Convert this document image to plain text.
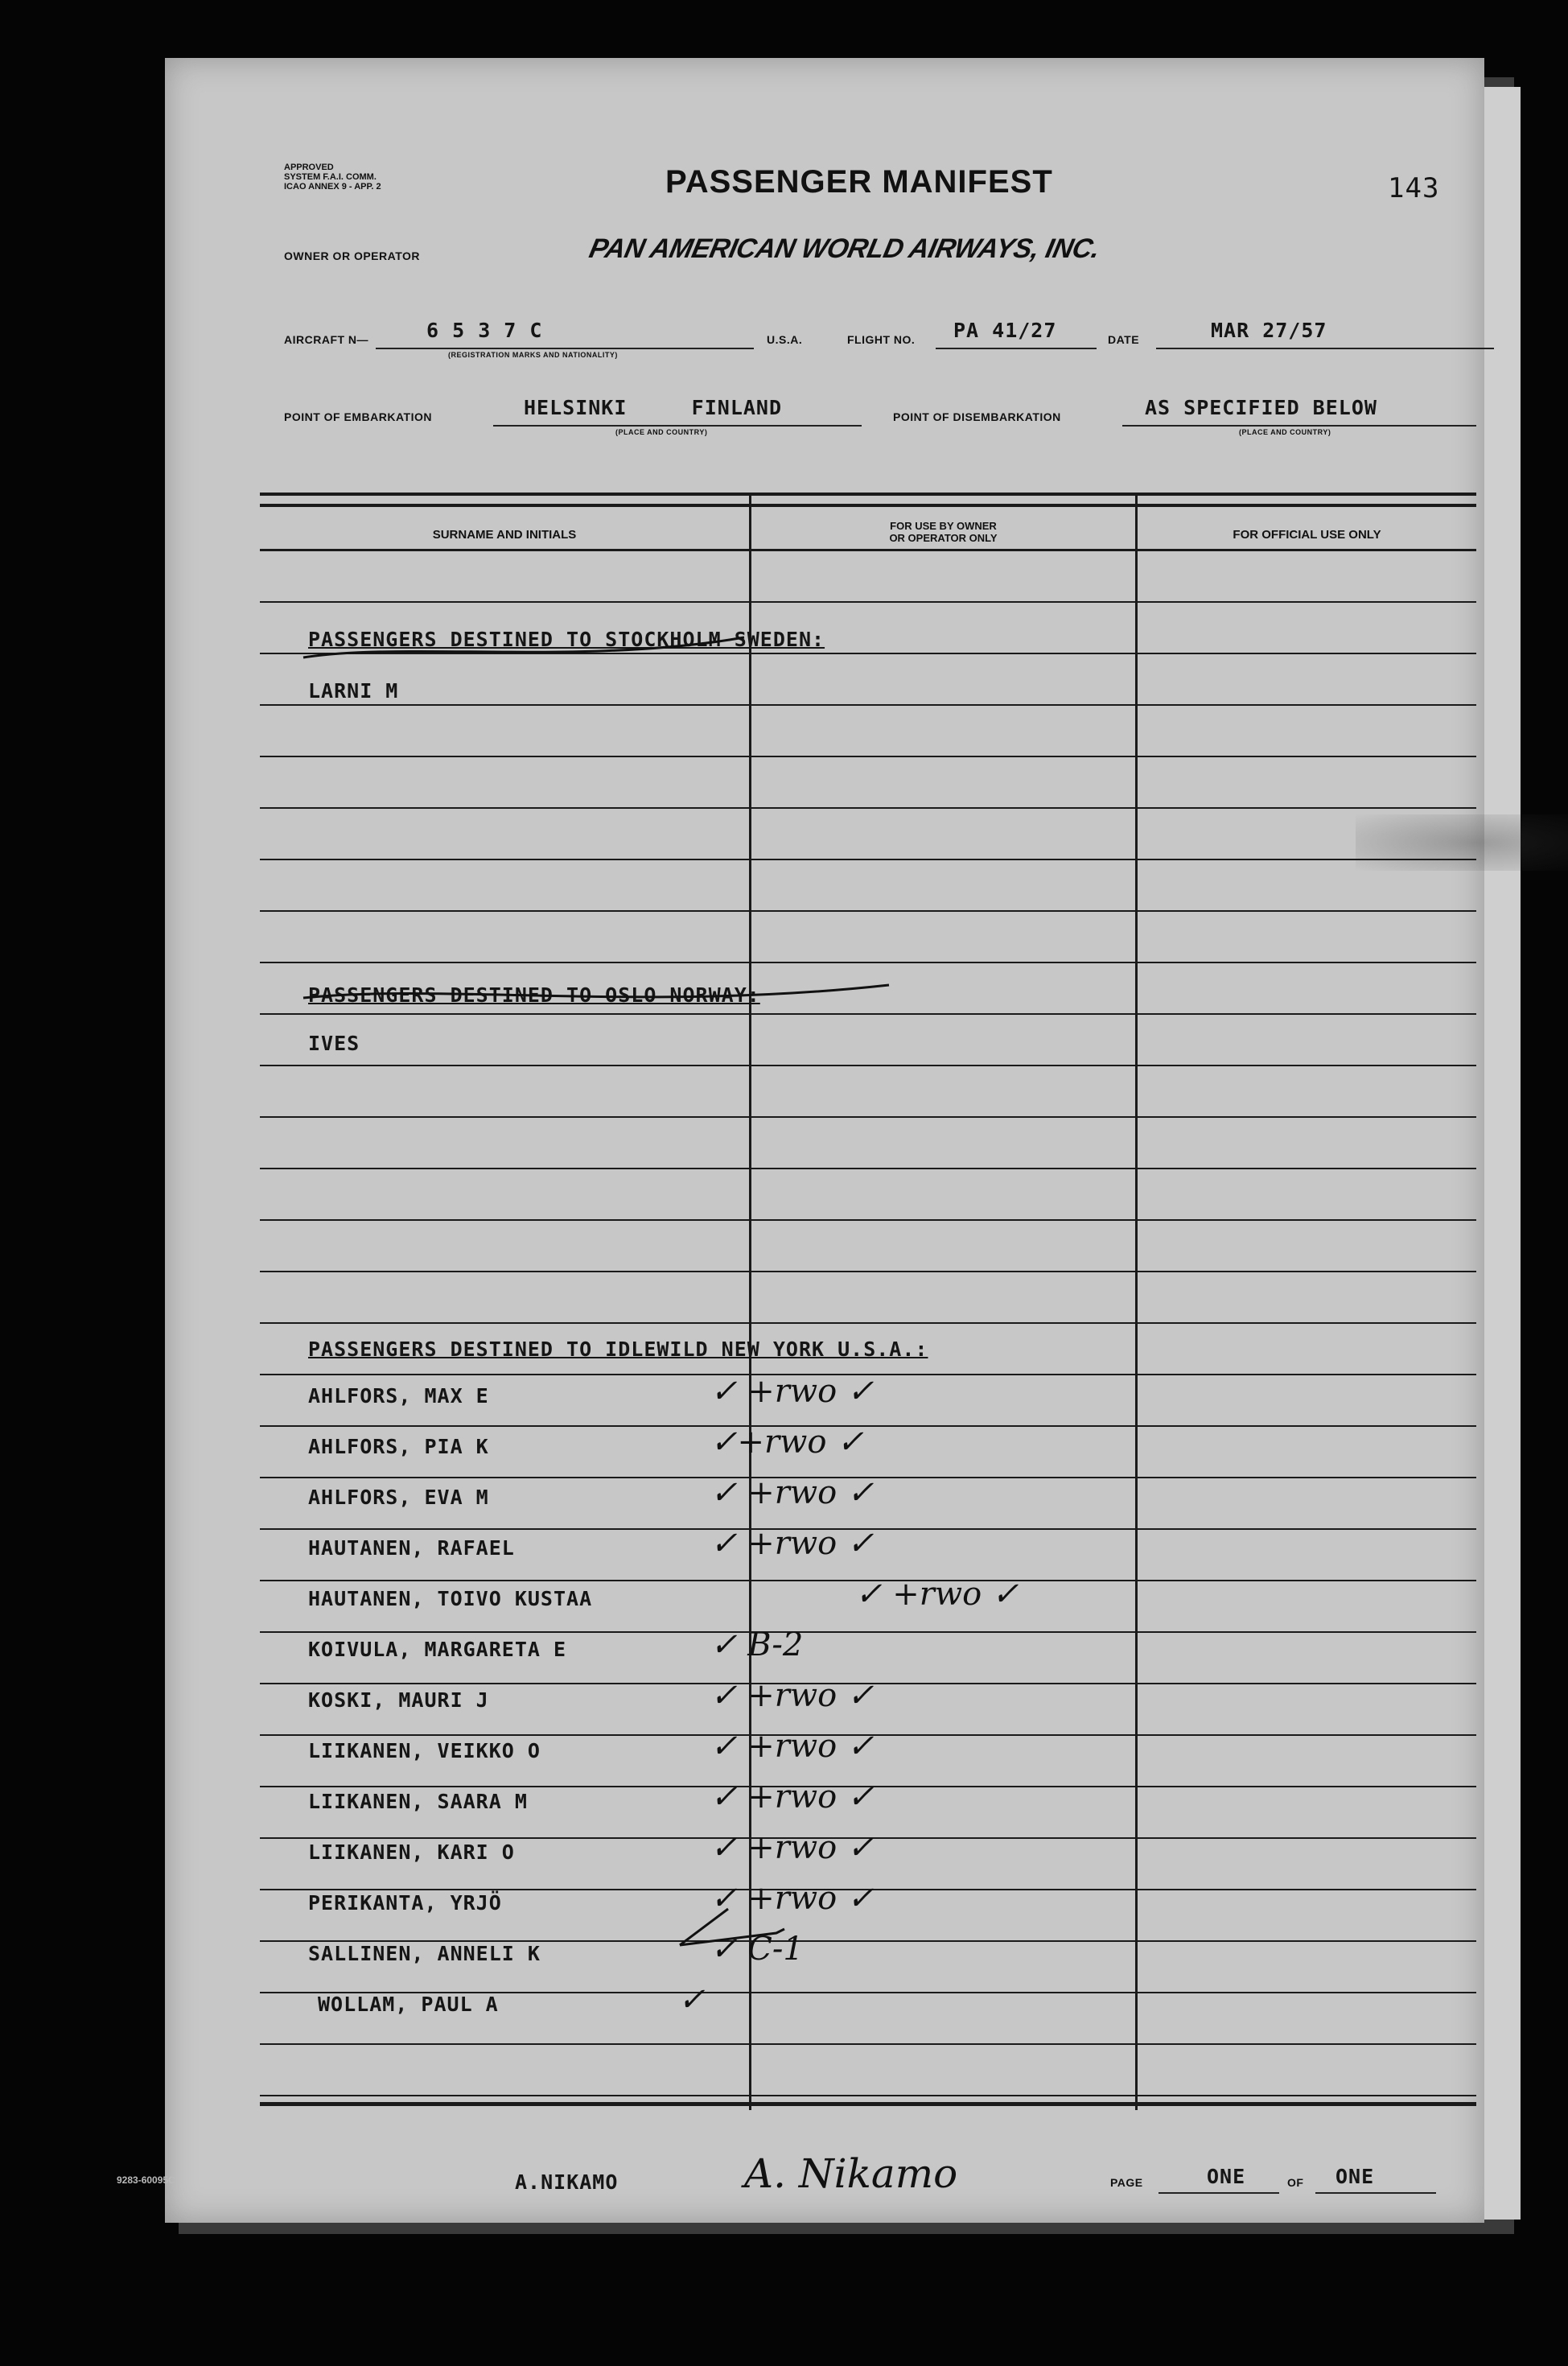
APPROVED
SYSTEM F.A.I. COMM.
ICAO ANNEX 9 - APP. 2	PASSENGER MANIFEST	143
OWNER OR OPERATOR	PAN AMERICAN WORLD AIRWAYS, INC.
AIRCRAFT N—	6 5 3 7 C
(REGISTRATION MARKS AND NATIONALITY)
U.S.A.	FLIGHT NO. PA 41/27	DATE	MAR 27/57
POINT OF EMBARKATION	HELSINKI     FINLAND
(PLACE AND COUNTRY)
POINT OF DISEMBARKATION	AS SPECIFIED BELOW
(PLACE AND COUNTRY)
SURNAME AND INITIALS
FOR USE BY OWNER
OR OPERATOR ONLY	FOR OFFICIAL USE ONLY
PASSENGERS DESTINED TO STOCKHOLM SWEDEN:
LARNI M
PASSENGERS DESTINED TO OSLO NORWAY:
IVES
PASSENGERS DESTINED TO IDLEWILD NEW YORK U.S.A.:
AHLFORS, MAX E	✓ +rwo ✓
AHLFORS, PIA K	✓+rwo ✓
AHLFORS, EVA M	✓ +rwo ✓
HAUTANEN, RAFAEL	✓ +rwo ✓
HAUTANEN, TOIVO KUSTAA	✓ +rwo ✓
KOIVULA, MARGARETA E	✓ B-2
KOSKI, MAURI J	✓ +rwo ✓
LIIKANEN, VEIKKO O	✓ +rwo ✓
LIIKANEN, SAARA M	✓ +rwo ✓
LIIKANEN, KARI O	✓ +rwo ✓
PERIKANTA, YRJÖ	✓ +rwo ✓
SALLINEN, ANNELI K	✓ C-1
WOLLAM, PAUL A	✓
9283-60095C	A.NIKAMO	A. Nikamo	PAGE	ONE	OF ONE
